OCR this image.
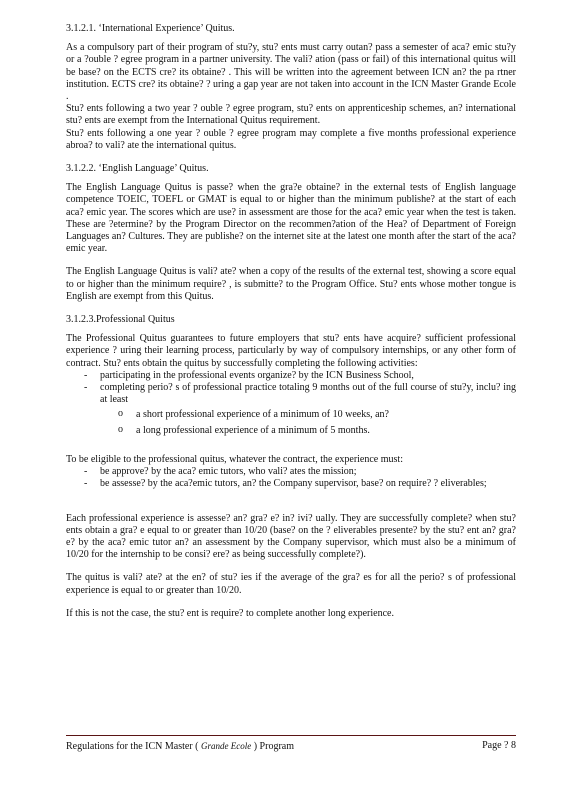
3.1.2.1. ‘International Experience’ Quitus.

As a compulsory part of their program of stu?y, stu? ents must carry outan? pass a semester of aca? emic stu?y or a ?ouble ? egree program in a partner university. The vali? ation (pass or fail) of this international quitus will be base? on the ECTS cre? its obtaine? . This will be written into the agreement between ICN an? the pa rtner institution. ECTS cre? its obtaine? ? uring a gap year are not taken into account in the ICN Master Grande Ecole .

Stu? ents following a two year ? ouble ? egree program, stu? ents on apprenticeship schemes, an? international stu? ents are exempt from the International Quitus requirement.

Stu? ents following a one year ? ouble ? egree program may complete a five months professional experience abroa? to vali? ate the international quitus.

3.1.2.2. ‘English Language’ Quitus.

The English Language Quitus is passe? when the gra?e obtaine? in the external tests of English language competence TOEIC, TOEFL or GMAT is equal to or higher than the minimum publishe? at the start of each aca? emic year. The scores which are use? in assessment are those for the aca? emic year when the test is taken. These are ?etermine? by the Program Director on the recommen?ation of the Hea? of Department of Foreign Languages an? Cultures. They are publishe? on the internet site at the latest one month after the start of the aca? emic year.

The English Language Quitus is vali? ate? when a copy of the results of the external test, showing a score equal to or higher than the minimum require? , is submitte? to the Program Office. Stu? ents whose mother tongue is English are exempt from this Quitus.

3.1.2.3.Professional Quitus

The Professional Quitus guarantees to future employers that stu? ents have acquire? sufficient professional experience ? uring their learning process, particularly by way of compulsory internships, or any other form of contract. Stu? ents obtain the quitus by successfully completing the following activities:

- participating in the professional events organize? by the ICN Business School,
- completing perio? s of professional practice totaling 9 months out of the full course of stu?y, inclu? ing at least
o a short professional experience of a minimum of 10 weeks, an?
o a long professional experience of a minimum of 5 months.

To be eligible to the professional quitus, whatever the contract, the experience must:

- be approve? by the aca? emic tutors, who vali? ates the mission;
- be assesse? by the aca?emic tutors, an? the Company supervisor, base? on require? ? eliverables;

Each professional experience is assesse? an? gra? e? in? ivi? ually. They are successfully complete? when stu? ents obtain a gra? e equal to or greater than 10/20 (base? on the ? eliverables presente? by the stu? ent an? gra? e? by the aca? emic tutor an? an assessment by the Company supervisor, which must also be a minimum of 10/20 for the internship to be consi? ere? as being successfully complete?).

The quitus is vali? ate? at the en? of stu? ies if the average of the gra? es for all the perio? s of professional experience is equal to or greater than 10/20.

If this is not the case, the stu? ent is require? to complete another long experience.

Regulations for the ICN Master ( Grande Ecole ) Program	Page ? 8
